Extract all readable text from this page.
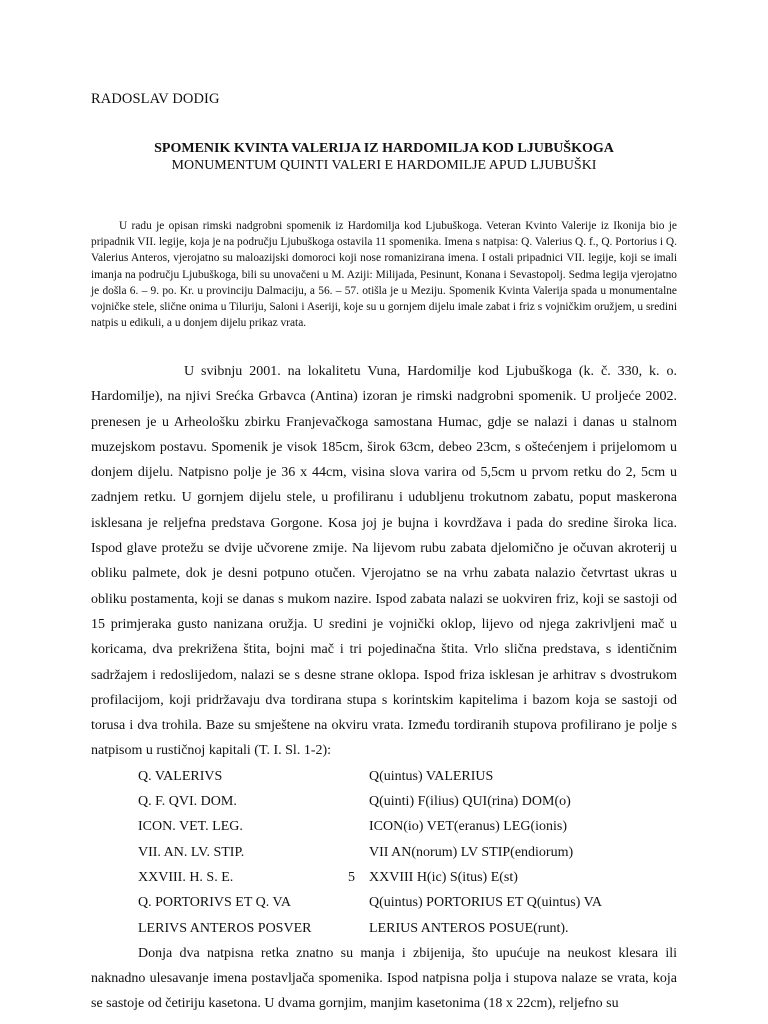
RADOSLAV DODIG
SPOMENIK KVINTA VALERIJA IZ HARDOMILJA KOD LJUBUŠKOGA
MONUMENTUM QUINTI VALERI E HARDOMILJE APUD LJUBUŠKI
U radu je opisan rimski nadgrobni spomenik iz Hardomilja kod Ljubuškoga. Veteran Kvinto Valerije iz Ikonija bio je pripadnik VII. legije, koja je na području Ljubuškoga ostavila 11 spomenika. Imena s natpisa: Q. Valerius Q. f., Q. Portorius i Q. Valerius Anteros, vjerojatno su maloazijski domoroci koji nose romanizirana imena. I ostali pripadnici VII. legije, koji se imali imanja na području Ljubuškoga, bili su unovačeni u M. Aziji: Milijada, Pesinunt, Konana i Sevastopolj. Sedma legija vjerojatno je došla 6. – 9. po. Kr. u provinciju Dalmaciju, a 56. – 57. otišla je u Meziju. Spomenik Kvinta Valerija spada u monumentalne vojničke stele, slične onima u Tiluriju, Saloni i Aseriji, koje su u gornjem dijelu imale zabat i friz s vojničkim oružjem, u sredini natpis u edikuli, a u donjem dijelu prikaz vrata.

U svibnju 2001. na lokalitetu Vuna, Hardomilje kod Ljubuškoga (k. č. 330, k. o. Hardomilje), na njivi Srećka Grbavca (Antina) izoran je rimski nadgrobni spomenik. U proljeće 2002. prenesen je u Arheološku zbirku Franjevačkoga samostana Humac, gdje se nalazi i danas u stalnom muzejskom postavu. Spomenik je visok 185cm, širok 63cm, debeo 23cm, s oštećenjem i prijelomom u donjem dijelu. Natpisno polje je 36 x 44cm, visina slova varira od 5,5cm u prvom retku do 2, 5cm u zadnjem retku. U gornjem dijelu stele, u profiliranu i udubljenu trokutnom zabatu, poput maskerona isklesana je reljefna predstava Gorgone. Kosa joj je bujna i kovrdžava i pada do sredine široka lica. Ispod glave protežu se dvije učvorene zmije. Na lijevom rubu zabata djelomično je očuvan akroterij u obliku palmete, dok je desni potpuno otučen. Vjerojatno se na vrhu zabata nalazio četvrtast ukras u obliku postamenta, koji se danas s mukom nazire. Ispod zabata nalazi se uokviren friz, koji se sastoji od 15 primjeraka gusto nanizana oružja. U sredini je vojnički oklop, lijevo od njega zakrivljeni mač u koricama, dva prekrižena štita, bojni mač i tri pojedinačna štita. Vrlo slična predstava, s identičnim sadržajem i redoslijedom, nalazi se s desne strane oklopa. Ispod friza isklesan je arhitrav s dvostrukom profilacijom, koji pridržavaju dva tordirana stupa s korintskim kapitelima i bazom koja se sastoji od torusa i dva trohila. Baze su smještene na okviru vrata. Između tordiranih stupova profilirano je polje s natpisom u rustičnoj kapitali (T. I. Sl. 1-2):

Q. VALERIVS	Q(uintus) VALERIUS
Q. F. QVI. DOM.	Q(uinti) F(ilius) QUI(rina) DOM(o)
ICON. VET. LEG.	ICON(io) VET(eranus) LEG(ionis)
VII. AN. LV. STIP.	VII AN(norum) LV STIP(endiorum)
XXVIII. H. S. E.	5	XXVIII H(ic) S(itus) E(st)
Q. PORTORIVS ET Q. VA	Q(uintus) PORTORIUS ET Q(uintus) VA
LERIVS ANTEROS POSVER	LERIUS ANTEROS POSUE(runt).

Donja dva natpisna retka znatno su manja i zbijenija, što upućuje na neukost klesara ili naknadno ulesavanje imena postavljača spomenika. Ispod natpisna polja i stupova nalaze se vrata, koja se sastoje od četiriju kasetona. U dvama gornjim, manjim kasetonima (18 x 22cm), reljefno su
